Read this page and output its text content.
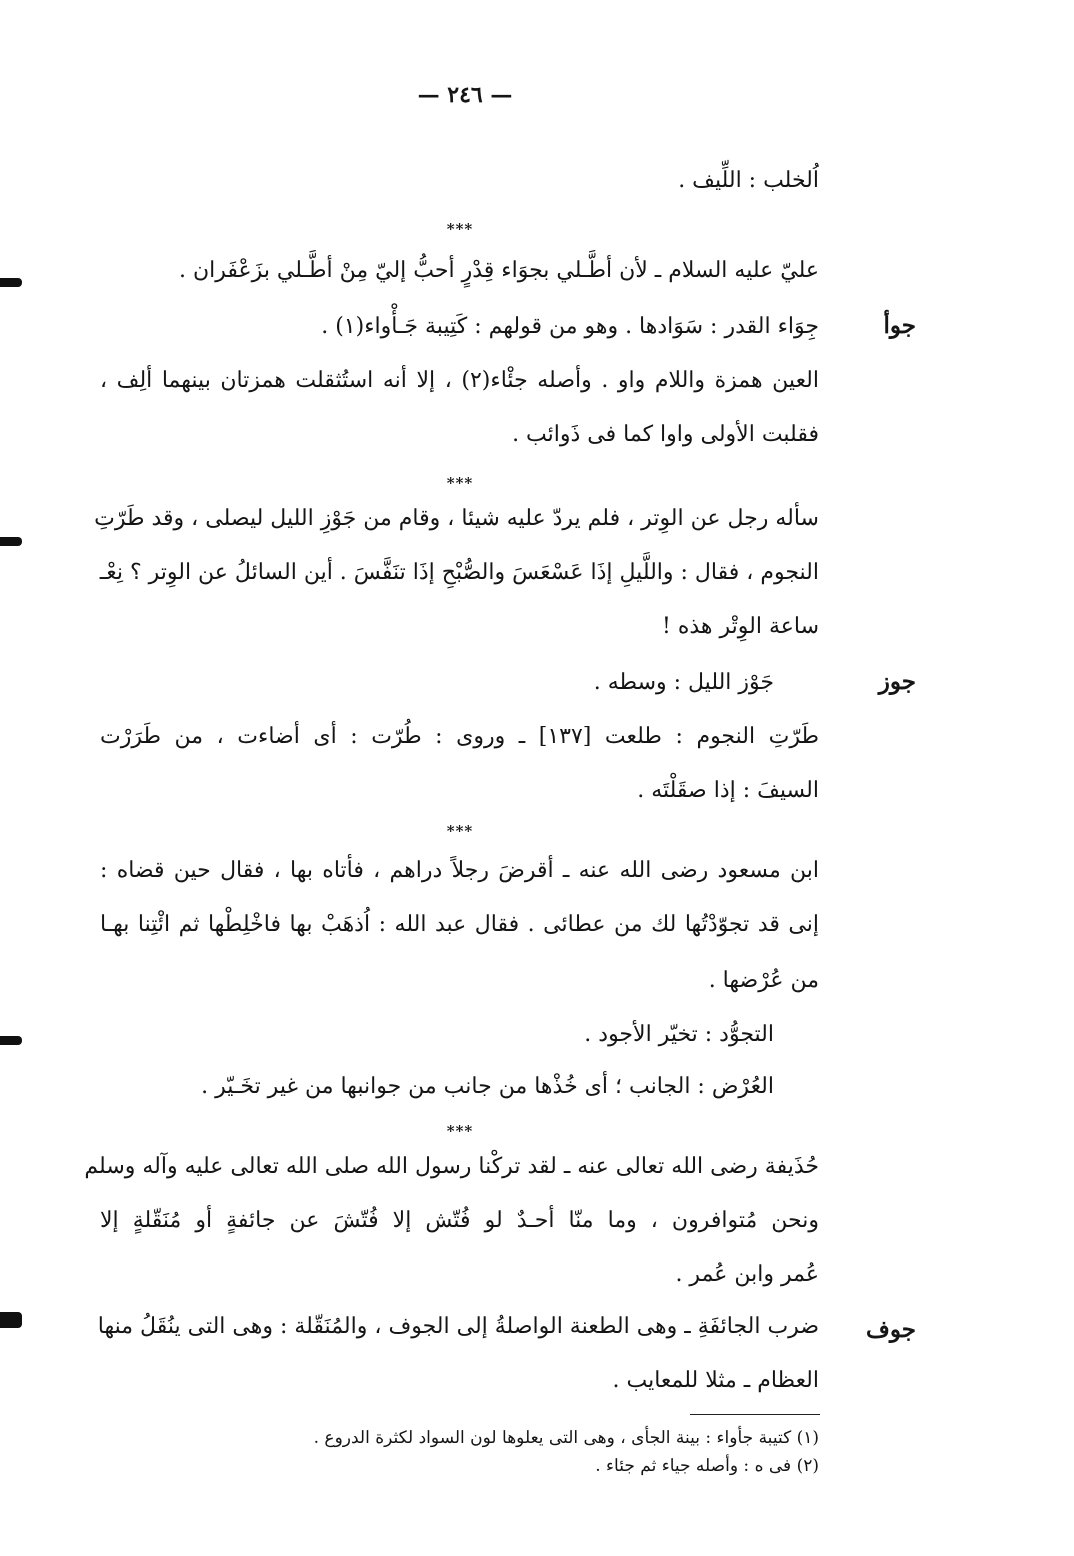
— ٢٤٦ —
اُلخلب : اللِّيف .
***
عليّ عليه السلام ـ لأن أطَّـلي بجوَاء قِدْرٍ أحبُّ إليّ مِنْ أطَّـلي بزَعْفَران .
جوأ
جِوَاء القدر : سَوَادها . وهو من قولهم : كَتِيبة جَـأْواء(١) .
العين همزة واللام واو . وأصله جئْاء(٢) ، إلا أنه استُثقلت همزتان بينهما ألِف ،
فقلبت الأولى واوا كما فى ذَوائب .
***
سأله رجل عن الوِتر ، فلم يردّ عليه شيئا ، وقام من جَوْزِ الليل ليصلى ، وقد طَرّتِ
النجوم ، فقال : واللَّيلِ إذَا عَسْعَسَ والصُّبْحِ إذَا تنَفَّسَ . أين السائلُ عن الوِتر ؟ نِعْـ
ساعة الوِتْر هذه !
جوز
جَوْز الليل : وسطه .
طَرّتِ النجوم : طلعت [١٣٧] ـ وروى : طُرّت : أى أضاءت ، من طَرَرْت
السيفَ : إذا صقَلْتَه .
***
ابن مسعود رضى الله عنه ـ أقرضَ رجلاً دراهم ، فأتاه بها ، فقال حين قضاه :
إنى قد تجوّدْتُها لك من عطائى . فقال عبد الله : اُذهَبْ بها فاخْلِطْها ثم ائْتِنا بهـا
من عُرْضها .
التجوُّد : تخيّر الأجود .
العُرْض : الجانب ؛ أى خُذْها من جانب من جوانبها من غير تخَـيّر .
***
حُذَيفة رضى الله تعالى عنه ـ لقد تركْنا رسول الله صلى الله تعالى عليه وآله وسلم
ونحن مُتوافرون ، وما منّا أحـدٌ لو فُتّش إلا فُتّشَ عن جائفةٍ أو مُنَقّلةٍ إلا
عُمر وابن عُمر .
جوف
ضرب الجائفَةِ ـ وهى الطعنة الواصلةُ إلى الجوف ، والمُنَقّلة : وهى التى ينُقَلُ منها
العظام ـ مثلا للمعايب .
(١) كتيبة جأواء : بينة الجأى ، وهى التى يعلوها لون السواد لكثرة الدروع .
(٢) فى ه : وأصله جياء ثم جئاء .
